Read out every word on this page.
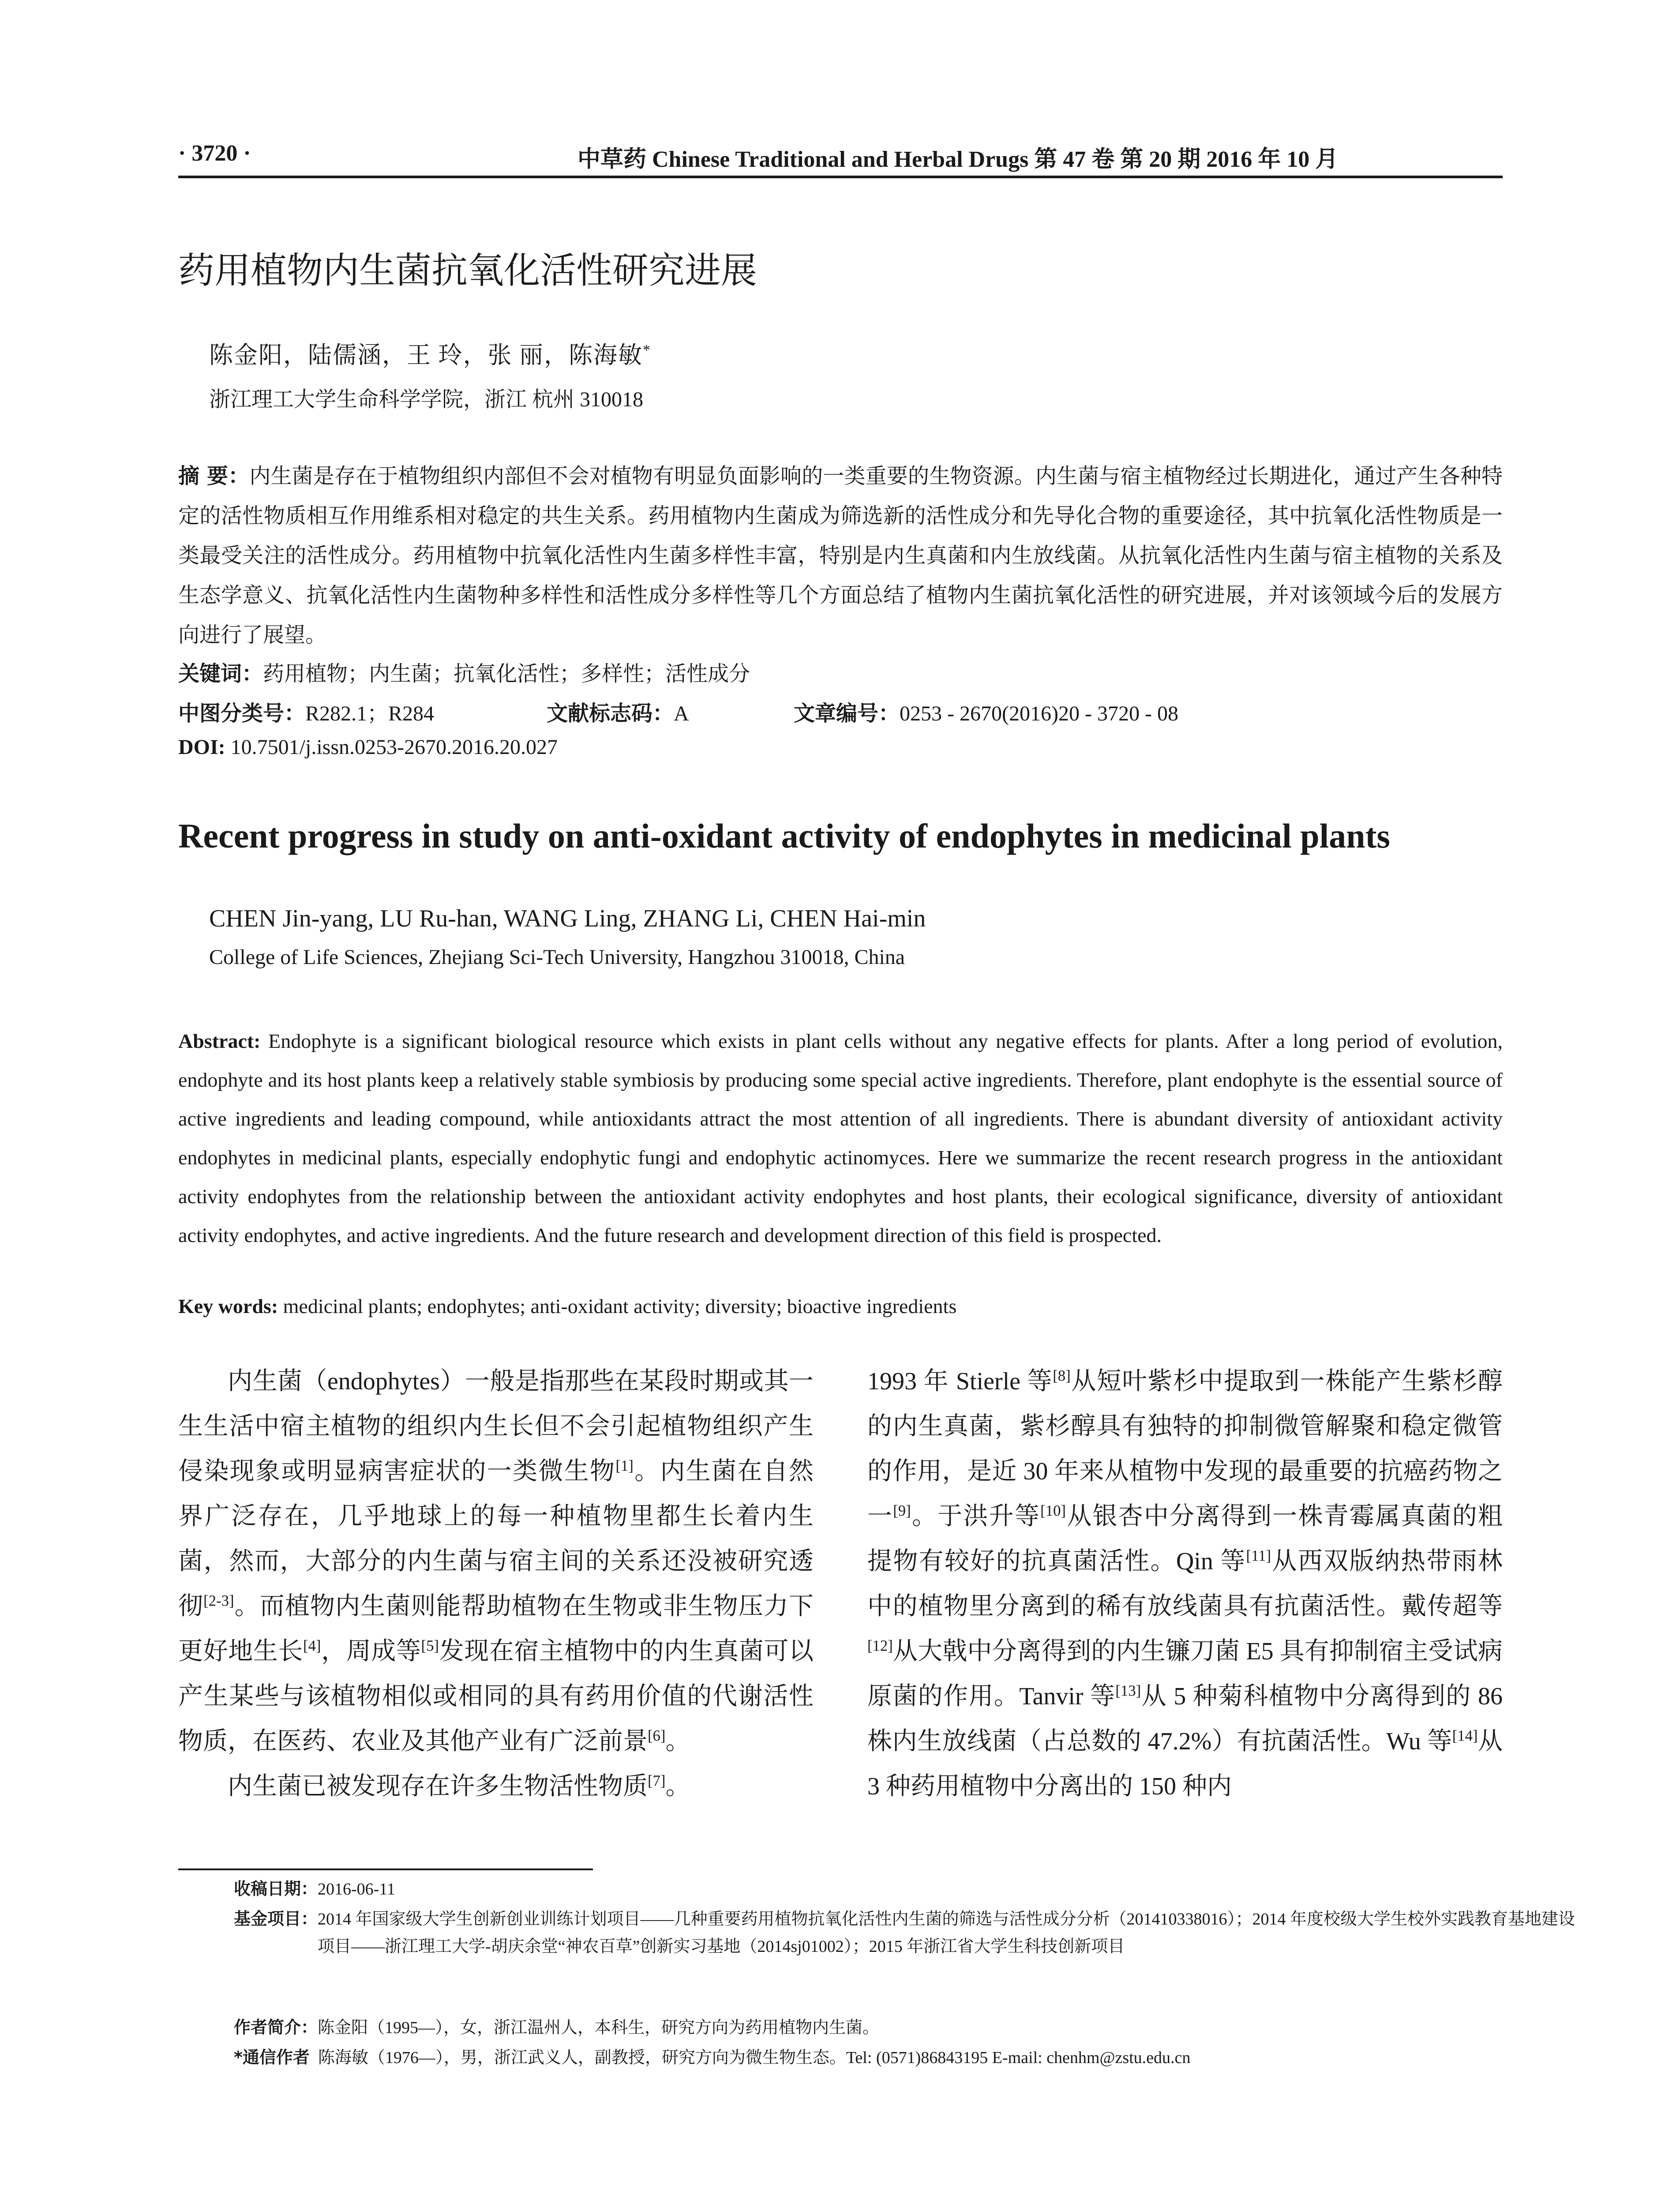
· 3720 ·	中草药 Chinese Traditional and Herbal Drugs 第 47 卷 第 20 期 2016 年 10 月
药用植物内生菌抗氧化活性研究进展
陈金阳，陆儒涵，王 玲，张 丽，陈海敏*
浙江理工大学生命科学学院，浙江 杭州 310018
摘 要：内生菌是存在于植物组织内部但不会对植物有明显负面影响的一类重要的生物资源。内生菌与宿主植物经过长期进化，通过产生各种特定的活性物质相互作用维系相对稳定的共生关系。药用植物内生菌成为筛选新的活性成分和先导化合物的重要途径，其中抗氧化活性物质是一类最受关注的活性成分。药用植物中抗氧化活性内生菌多样性丰富，特别是内生真菌和内生放线菌。从抗氧化活性内生菌与宿主植物的关系及生态学意义、抗氧化活性内生菌物种多样性和活性成分多样性等几个方面总结了植物内生菌抗氧化活性的研究进展，并对该领域今后的发展方向进行了展望。
关键词：药用植物；内生菌；抗氧化活性；多样性；活性成分
中图分类号：R282.1；R284	文献标志码：A	文章编号：0253 - 2670(2016)20 - 3720 - 08
DOI: 10.7501/j.issn.0253-2670.2016.20.027
Recent progress in study on anti-oxidant activity of endophytes in medicinal plants
CHEN Jin-yang, LU Ru-han, WANG Ling, ZHANG Li, CHEN Hai-min
College of Life Sciences, Zhejiang Sci-Tech University, Hangzhou 310018, China
Abstract: Endophyte is a significant biological resource which exists in plant cells without any negative effects for plants. After a long period of evolution, endophyte and its host plants keep a relatively stable symbiosis by producing some special active ingredients. Therefore, plant endophyte is the essential source of active ingredients and leading compound, while antioxidants attract the most attention of all ingredients. There is abundant diversity of antioxidant activity endophytes in medicinal plants, especially endophytic fungi and endophytic actinomyces. Here we summarize the recent research progress in the antioxidant activity endophytes from the relationship between the antioxidant activity endophytes and host plants, their ecological significance, diversity of antioxidant activity endophytes, and active ingredients. And the future research and development direction of this field is prospected.
Key words: medicinal plants; endophytes; anti-oxidant activity; diversity; bioactive ingredients

内生菌（endophytes）一般是指那些在某段时期或其一生生活中宿主植物的组织内生长但不会引起植物组织产生侵染现象或明显病害症状的一类微生物[1]。内生菌在自然界广泛存在，几乎地球上的每一种植物里都生长着内生菌，然而，大部分的内生菌与宿主间的关系还没被研究透彻[2-3]。而植物内生菌则能帮助植物在生物或非生物压力下更好地生长[4]，周成等[5]发现在宿主植物中的内生真菌可以产生某些与该植物相似或相同的具有药用价值的代谢活性物质，在医药、农业及其他产业有广泛前景[6]。

内生菌已被发现存在许多生物活性物质[7]。

1993 年 Stierle 等[8]从短叶紫杉中提取到一株能产生紫杉醇的内生真菌，紫杉醇具有独特的抑制微管解聚和稳定微管的作用，是近 30 年来从植物中发现的最重要的抗癌药物之一[9]。于洪升等[10]从银杏中分离得到一株青霉属真菌的粗提物有较好的抗真菌活性。Qin 等[11]从西双版纳热带雨林中的植物里分离到的稀有放线菌具有抗菌活性。戴传超等[12]从大戟中分离得到的内生镰刀菌 E5 具有抑制宿主受试病原菌的作用。Tanvir 等[13]从 5 种菊科植物中分离得到的 86 株内生放线菌（占总数的 47.2%）有抗菌活性。Wu 等[14]从 3 种药用植物中分离出的 150 种内

收稿日期：2016-06-11
基金项目：2014 年国家级大学生创新创业训练计划项目——几种重要药用植物抗氧化活性内生菌的筛选与活性成分分析（201410338016）；2014 年度校级大学生校外实践教育基地建设项目——浙江理工大学-胡庆余堂“神农百草”创新实习基地（2014sj01002）；2015 年浙江省大学生科技创新项目
作者简介：陈金阳（1995—），女，浙江温州人，本科生，研究方向为药用植物内生菌。
*通信作者 陈海敏（1976—），男，浙江武义人，副教授，研究方向为微生物生态。Tel: (0571)86843195 E-mail: chenhm@zstu.edu.cn
